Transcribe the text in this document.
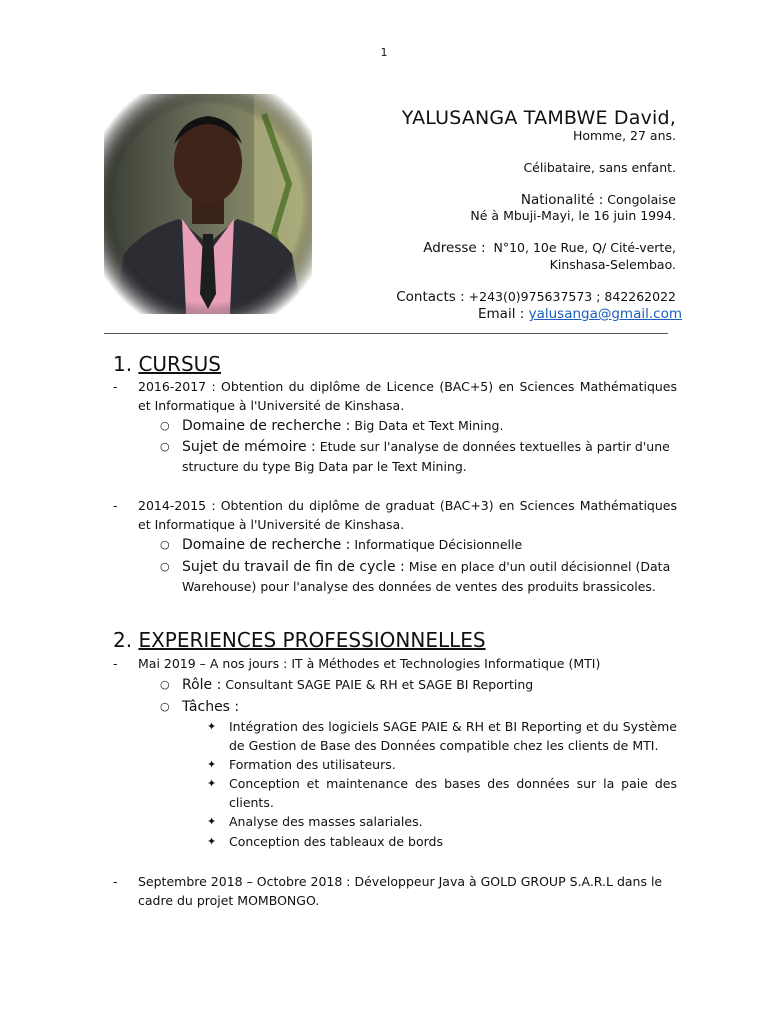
1
YALUSANGA TAMBWE David,
Homme, 27 ans.
Célibataire, sans enfant.
Nationalité : Congolaise
Né à Mbuji-Mayi, le 16 juin 1994.
Adresse : N°10, 10e Rue, Q/ Cité-verte,
Kinshasa-Selembao.
Contacts : +243(0)975637573 ; 842262022
Email : yalusanga@gmail.com
1. CURSUS
- 2016-2017 : Obtention du diplôme de Licence (BAC+5) en Sciences Mathématiques et Informatique à l'Université de Kinshasa.
○ Domaine de recherche : Big Data et Text Mining.
○ Sujet de mémoire : Etude sur l'analyse de données textuelles à partir d'une structure du type Big Data par le Text Mining.
- 2014-2015 : Obtention du diplôme de graduat (BAC+3) en Sciences Mathématiques et Informatique à l'Université de Kinshasa.
○ Domaine de recherche : Informatique Décisionnelle
○ Sujet du travail de fin de cycle : Mise en place d'un outil décisionnel (Data Warehouse) pour l'analyse des données de ventes des produits brassicoles.
2. EXPERIENCES PROFESSIONNELLES
- Mai 2019 – A nos jours : IT à Méthodes et Technologies Informatique (MTI)
○ Rôle : Consultant SAGE PAIE & RH et SAGE BI Reporting
○ Tâches :
✦ Intégration des logiciels SAGE PAIE & RH et BI Reporting et du Système de Gestion de Base des Données compatible chez les clients de MTI.
✦ Formation des utilisateurs.
✦ Conception et maintenance des bases des données sur la paie des clients.
✦ Analyse des masses salariales.
✦ Conception des tableaux de bords
- Septembre 2018 – Octobre 2018 : Développeur Java à GOLD GROUP S.A.R.L dans le cadre du projet MOMBONGO.
